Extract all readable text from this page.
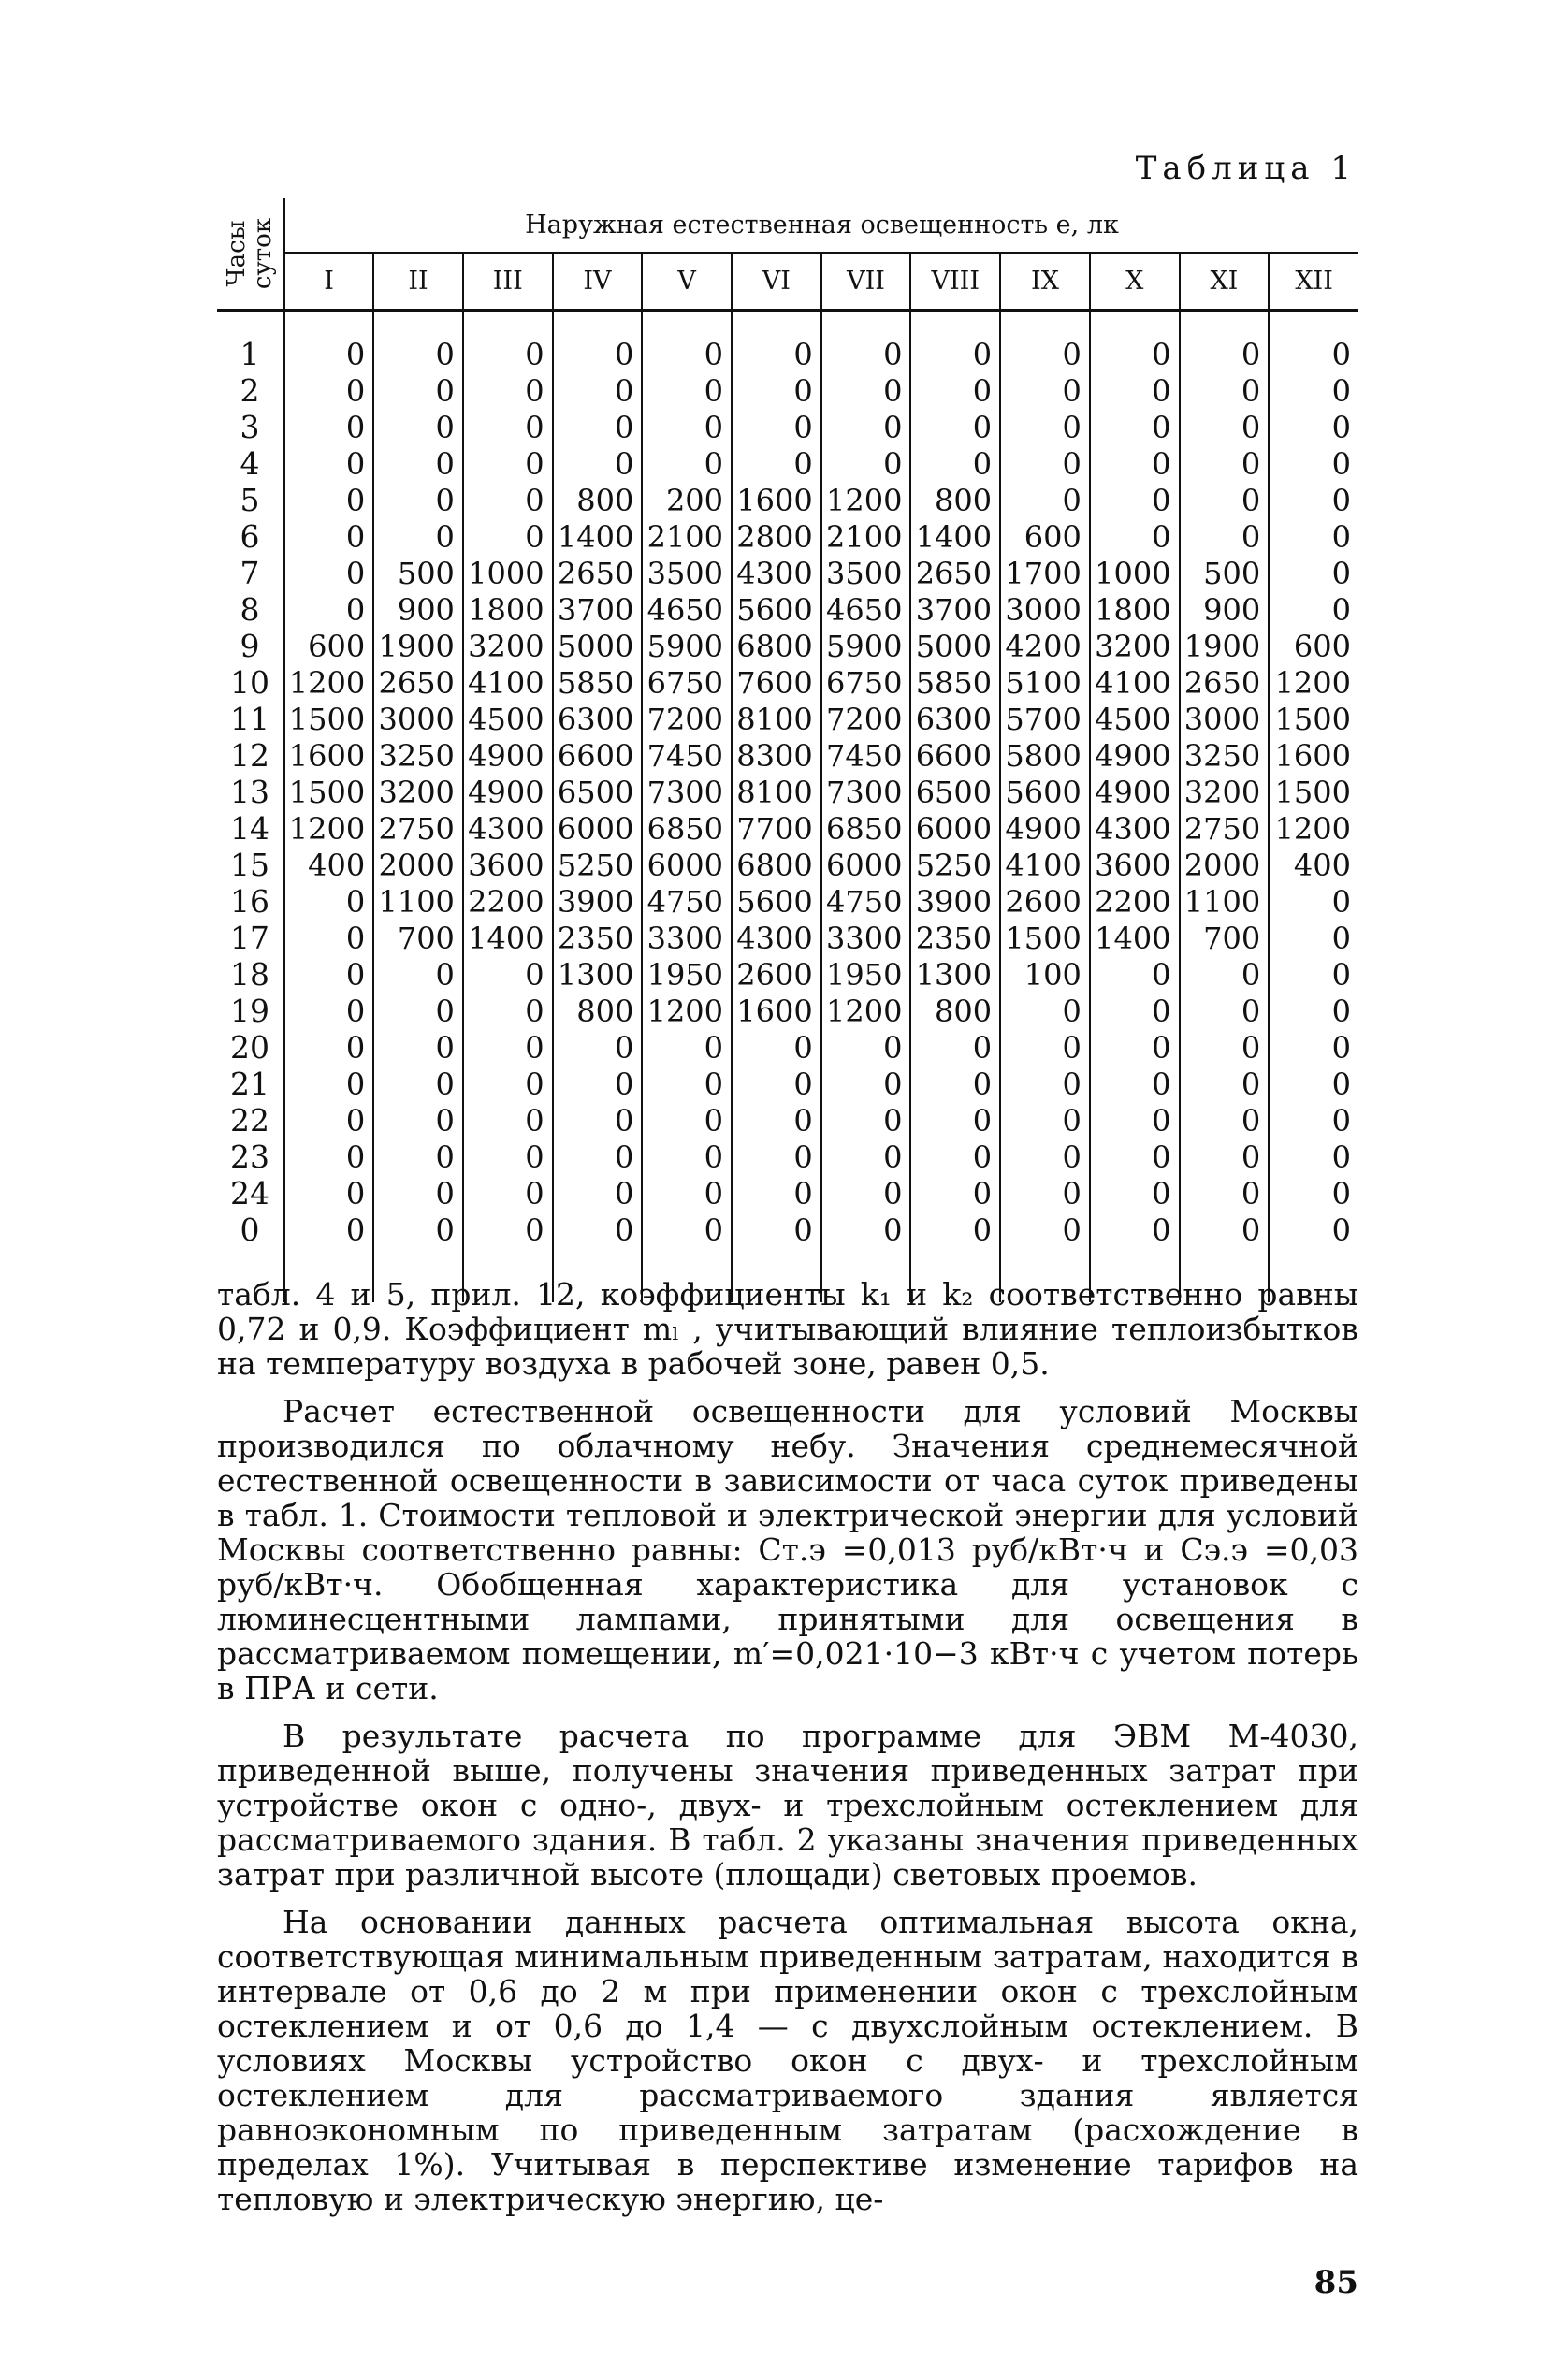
Таблица 1
Часы
суток	Наружная естественная освещенность e, лк											
	I	II	III	IV	V	VI	VII	VIII	IX	X	XI	XII

1	0	0	0	0	0	0	0	0	0	0	0	0
2	0	0	0	0	0	0	0	0	0	0	0	0
3	0	0	0	0	0	0	0	0	0	0	0	0
4	0	0	0	0	0	0	0	0	0	0	0	0
5	0	0	0	800	200	1600	1200	800	0	0	0	0
6	0	0	0	1400	2100	2800	2100	1400	600	0	0	0
7	0	500	1000	2650	3500	4300	3500	2650	1700	1000	500	0
8	0	900	1800	3700	4650	5600	4650	3700	3000	1800	900	0
9	600	1900	3200	5000	5900	6800	5900	5000	4200	3200	1900	600
10	1200	2650	4100	5850	6750	7600	6750	5850	5100	4100	2650	1200
11	1500	3000	4500	6300	7200	8100	7200	6300	5700	4500	3000	1500
12	1600	3250	4900	6600	7450	8300	7450	6600	5800	4900	3250	1600
13	1500	3200	4900	6500	7300	8100	7300	6500	5600	4900	3200	1500
14	1200	2750	4300	6000	6850	7700	6850	6000	4900	4300	2750	1200
15	400	2000	3600	5250	6000	6800	6000	5250	4100	3600	2000	400
16	0	1100	2200	3900	4750	5600	4750	3900	2600	2200	1100	0
17	0	700	1400	2350	3300	4300	3300	2350	1500	1400	700	0
18	0	0	0	1300	1950	2600	1950	1300	100	0	0	0
19	0	0	0	800	1200	1600	1200	800	0	0	0	0
20	0	0	0	0	0	0	0	0	0	0	0	0
21	0	0	0	0	0	0	0	0	0	0	0	0
22	0	0	0	0	0	0	0	0	0	0	0	0
23	0	0	0	0	0	0	0	0	0	0	0	0
24	0	0	0	0	0	0	0	0	0	0	0	0
0	0	0	0	0	0	0	0	0	0	0	0	0

табл. 4 и 5, прил. 12, коэффициенты k₁ и k₂ соответственно равны 0,72 и 0,9. Коэффициент mₗ , учитывающий влияние теплоизбытков на температуру воздуха в рабочей зоне, равен 0,5.

Расчет естественной освещенности для условий Москвы производился по облачному небу. Значения среднемесячной естественной освещенности в зависимости от часа суток приведены в табл. 1. Стоимости тепловой и электрической энергии для условий Москвы соответственно равны: Cт.э =0,013 руб/кВт·ч и Cэ.э =0,03 руб/кВт·ч. Обобщенная характеристика для установок с люминесцентными лампами, принятыми для освещения в рассматриваемом помещении, m′=0,021·10−3 кВт·ч с учетом потерь в ПРА и сети.

В результате расчета по программе для ЭВМ М-4030, приведенной выше, получены значения приведенных затрат при устройстве окон с одно-, двух- и трехслойным остеклением для рассматриваемого здания. В табл. 2 указаны значения приведенных затрат при различной высоте (площади) световых проемов.

На основании данных расчета оптимальная высота окна, соответствующая минимальным приведенным затратам, находится в интервале от 0,6 до 2 м при применении окон с трехслойным остеклением и от 0,6 до 1,4 — с двухслойным остеклением. В условиях Москвы устройство окон с двух- и трехслойным остеклением для рассматриваемого здания является равноэкономным по приведенным затратам (расхождение в пределах 1%). Учитывая в перспективе изменение тарифов на тепловую и электрическую энергию, це-

85
